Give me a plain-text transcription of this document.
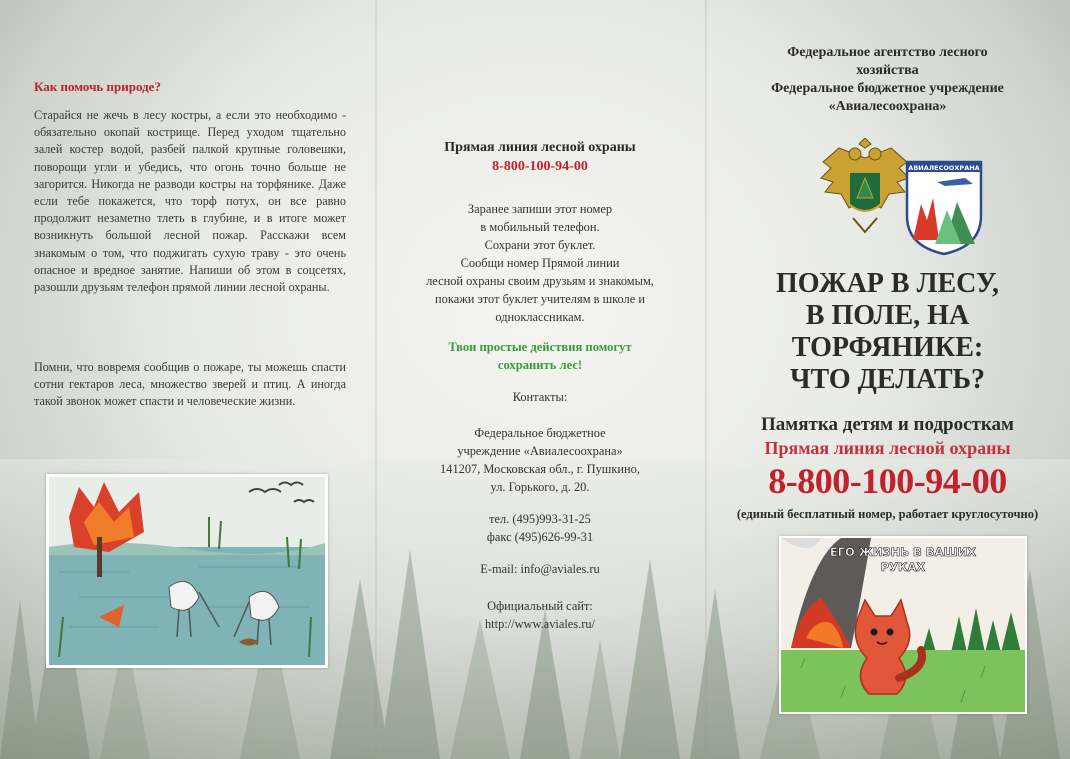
Как помочь природе?

Старайся не жечь в лесу костры, а если это необходимо - обязательно окопай кострище. Перед уходом тщательно залей костер водой, разбей палкой крупные головешки, поворощи угли и убедись, что огонь точно больше не загорится. Никогда не разводи костры на торфянике. Даже если тебе покажется, что торф потух, он все равно продолжит незаметно тлеть в глубине, и в итоге может возникнуть большой лесной пожар. Расскажи всем знакомым о том, что поджигать сухую траву - это очень опасное и вредное занятие. Напиши об этом в соцсетях, разошли друзьям телефон прямой линии лесной охраны.

Помни, что вовремя сообщив о пожаре, ты можешь спасти сотни гектаров леса, множество зверей и птиц. А иногда такой звонок может спасти и человеческие жизни.

Прямая линия лесной охраны
8-800-100-94-00

Заранее запиши этот номер

в мобильный телефон.

Сохрани этот буклет.

Сообщи номер Прямой линии

лесной охраны своим друзьям и знакомым,

покажи этот буклет учителям в школе и

одноклассникам.

Твои простые действия помогут

сохранить лес!

Контакты:

Федеральное бюджетное

учреждение «Авиалесоохрана»

141207, Московская обл., г. Пушкино,

ул. Горького, д. 20.

тел. (495)993-31-25

факс (495)626-99-31

E-mail: info@aviales.ru

Официальный сайт:

http://www.aviales.ru/

Федеральное агентство лесного
хозяйства
Федеральное бюджетное учреждение
«Авиалесоохрана»
АВИАЛЕСООХРАНА
ПОЖАР В ЛЕСУ,
В ПОЛЕ, НА
ТОРФЯНИКЕ:
ЧТО ДЕЛАТЬ?
Памятка детям и подросткам
Прямая линия лесной охраны
8-800-100-94-00
(единый бесплатный номер, работает круглосуточно)
ЕГО ЖИЗНЬ В ВАШИХ
РУКАХ
